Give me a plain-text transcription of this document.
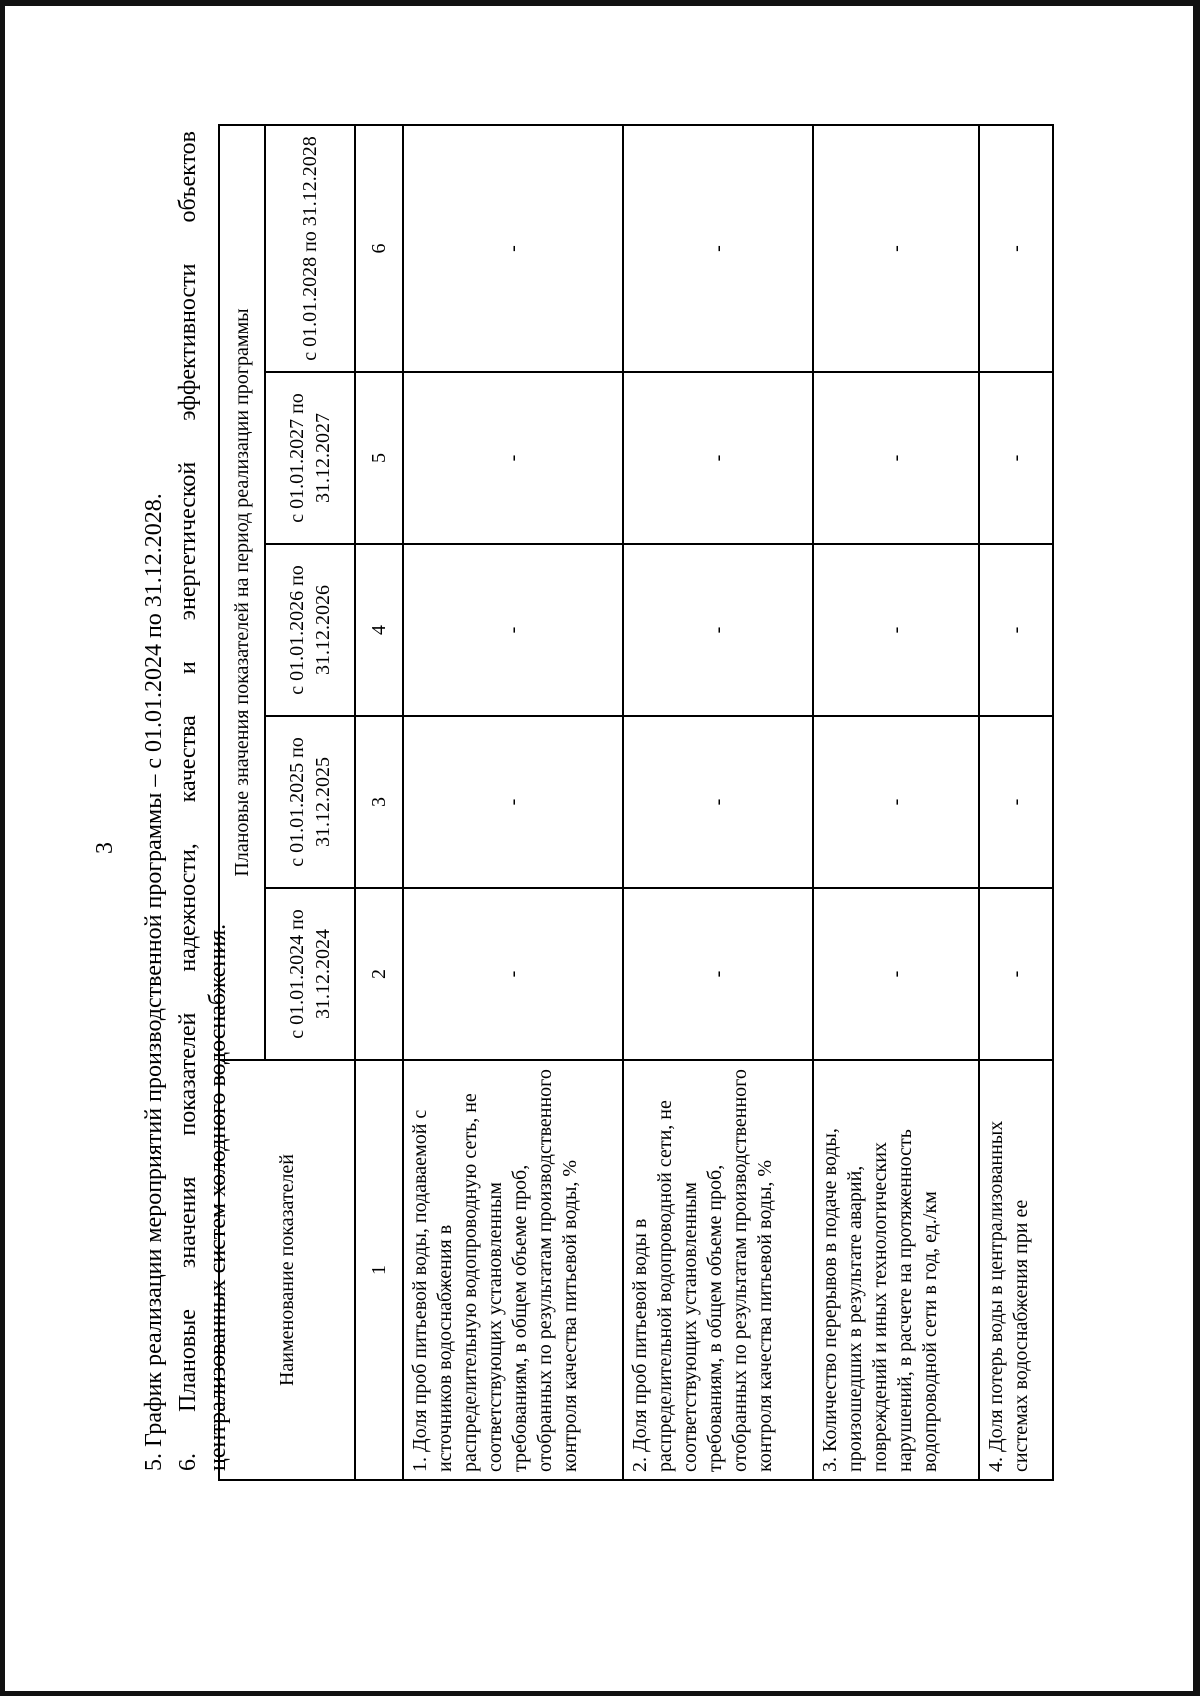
3 5. График реализации мероприятий производственной программы – с 01.01.2024 по 31.12.2028. 6. Плановые значения показателей надежности, качества и энергетической эффективности объектов централизованных систем холодного водоснабжения. Наименование показателей	Плановые значения показателей на период реализации программы				
	с 01.01.2024 по 31.12.2024	с 01.01.2025 по 31.12.2025	с 01.01.2026 по 31.12.2026	с 01.01.2027 по 31.12.2027	с 01.01.2028 по 31.12.2028
1	2	3	4	5	6
1. Доля проб питьевой воды, подаваемой с источников водоснабжения в распределительную водопроводную сеть, не соответствующих установленным требованиям, в общем объеме проб, отобранных по результатам производственного контроля качества питьевой воды, %	-	-	-	-	-
2. Доля проб питьевой воды в распределительной водопроводной сети, не соответствующих установленным требованиям, в общем объеме проб, отобранных по результатам производственного контроля качества питьевой воды, %	-	-	-	-	-
3. Количество перерывов в подаче воды, произошедших в результате аварий, повреждений и иных технологических нарушений, в расчете на протяженность водопроводной сети в год, ед./км	-	-	-	-	-
4. Доля потерь воды в централизованных системах водоснабжения при ее	-	-	-	-	-
